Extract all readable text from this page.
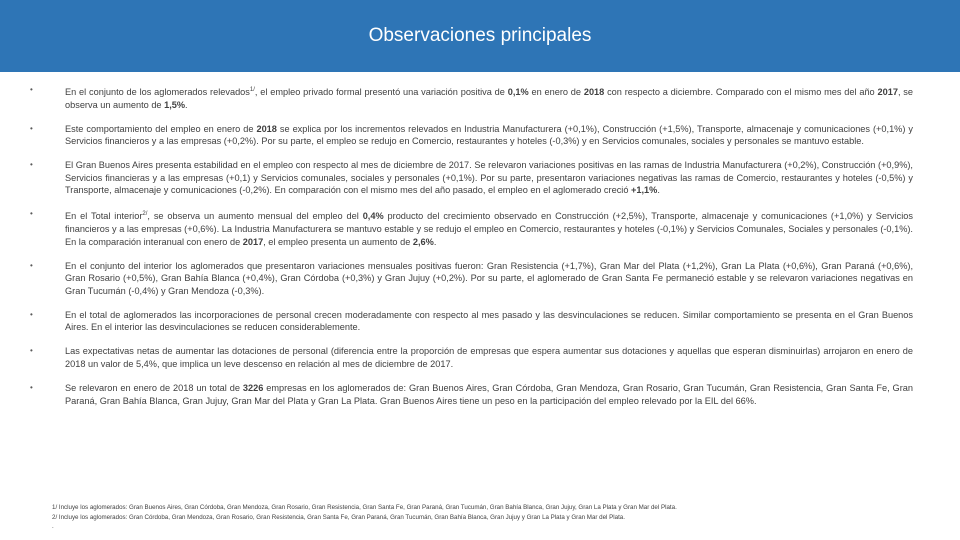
Observaciones principales
•	En el conjunto de los aglomerados relevados$^{1/}$, el empleo privado formal presentó una variación positiva de 0,1% en enero de 2018 con respecto a diciembre. Comparado con el mismo mes del año 2017, se observa un aumento de 1,5%.
•	Este comportamiento del empleo en enero de 2018 se explica por los incrementos relevados en Industria Manufacturera (+0,1%), Construcción (+1,5%), Transporte, almacenaje y comunicaciones (+0,1%) y Servicios financieros y a las empresas (+0,2%). Por su parte, el empleo se redujo en Comercio, restaurantes y hoteles (-0,3%) y en Servicios comunales, sociales y personales se mantuvo estable.
•	El Gran Buenos Aires presenta estabilidad en el empleo con respecto al mes de diciembre de 2017. Se relevaron variaciones positivas en las ramas de Industria Manufacturera (+0,2%), Construcción (+0,9%), Servicios financieras y a las empresas (+0,1) y Servicios comunales, sociales y personales (+0,1%). Por su parte, presentaron variaciones negativas las ramas de Comercio, restaurantes y hoteles (-0,5%) y Transporte, almacenaje y comunicaciones (-0,2%). En comparación con el mismo mes del año pasado, el empleo en el aglomerado creció +1,1%.
•	En el Total interior$^{2/}$, se observa un aumento mensual del empleo del 0,4% producto del crecimiento observado en Construcción (+2,5%), Transporte, almacenaje y comunicaciones (+1,0%) y Servicios financieros y a las empresas (+0,6%). La Industria Manufacturera se mantuvo estable y se redujo el empleo en Comercio, restaurantes y hoteles (-0,1%) y Servicios Comunales, Sociales y personales (-0,1%). En la comparación interanual con enero de 2017, el empleo presenta un aumento de 2,6%.
•	En el conjunto del interior los aglomerados que presentaron variaciones mensuales positivas fueron: Gran Resistencia (+1,7%), Gran Mar del Plata (+1,2%), Gran La Plata (+0,6%), Gran Paraná (+0,6%), Gran Rosario (+0,5%), Gran Bahía Blanca (+0,4%), Gran Córdoba (+0,3%) y Gran Jujuy (+0,2%). Por su parte, el aglomerado de Gran Santa Fe permaneció estable y se relevaron variaciones negativas en Gran Tucumán (-0,4%) y Gran Mendoza (-0,3%).
•	En el total de aglomerados las incorporaciones de personal crecen moderadamente con respecto al mes pasado y las desvinculaciones se reducen. Similar comportamiento se presenta en el Gran Buenos Aires. En el interior las desvinculaciones se reducen considerablemente.
•	Las expectativas netas de aumentar las dotaciones de personal (diferencia entre la proporción de empresas que espera aumentar sus dotaciones y aquellas que esperan disminuirlas) arrojaron en enero de 2018 un valor de 5,4%, que implica un leve descenso en relación al mes de diciembre de 2017.
•	Se relevaron en enero de 2018 un total de 3226 empresas en los aglomerados de: Gran Buenos Aires, Gran Córdoba, Gran Mendoza, Gran Rosario, Gran Tucumán, Gran Resistencia, Gran Santa Fe, Gran Paraná, Gran Bahía Blanca, Gran Jujuy, Gran Mar del Plata y Gran La Plata. Gran Buenos Aires tiene un peso en la participación del empleo relevado por la EIL del 66%.
1/ Incluye los aglomerados: Gran Buenos Aires, Gran Córdoba, Gran Mendoza, Gran Rosario, Gran Resistencia, Gran Santa Fe, Gran Paraná, Gran Tucumán, Gran Bahía Blanca, Gran Jujuy, Gran La Plata y Gran Mar del Plata.
2/ Incluye los aglomerados: Gran Córdoba, Gran Mendoza, Gran Rosario, Gran Resistencia, Gran Santa Fe, Gran Paraná, Gran Tucumán, Gran Bahía Blanca, Gran Jujuy y Gran La Plata y Gran Mar del Plata.
.
